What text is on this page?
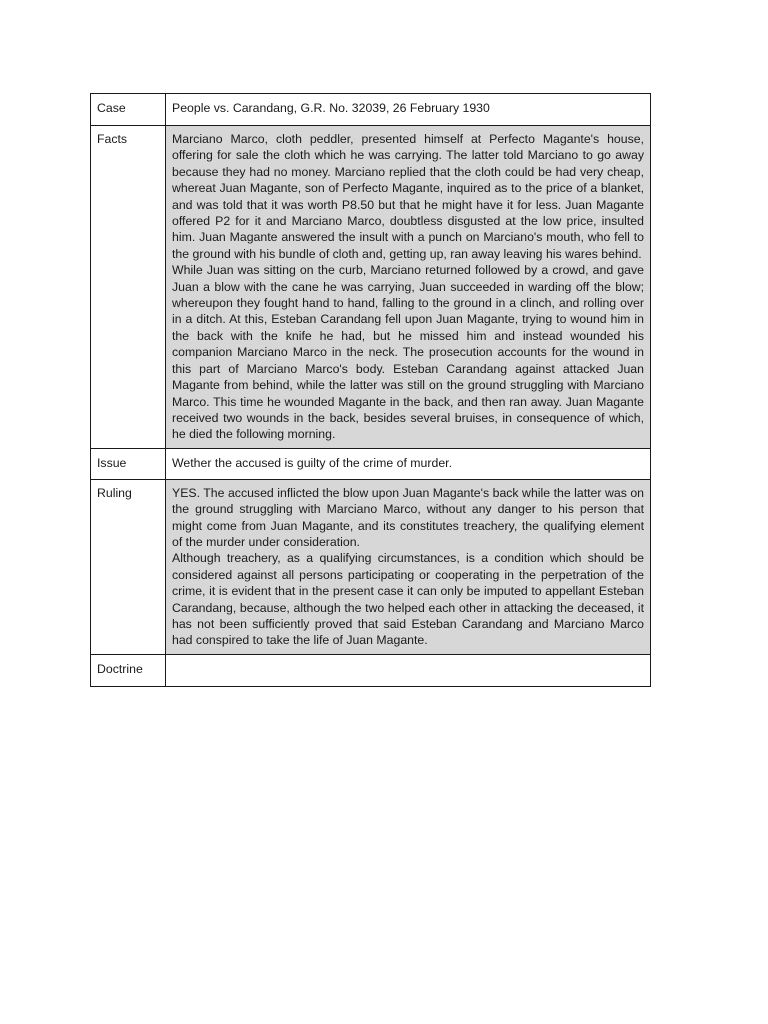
Case	People vs. Carandang, G.R. No. 32039, 26 February 1930
Facts	Marciano Marco, cloth peddler, presented himself at Perfecto Magante's house, offering for sale the cloth which he was carrying. The latter told Marciano to go away because they had no money. Marciano replied that the cloth could be had very cheap, whereat Juan Magante, son of Perfecto Magante, inquired as to the price of a blanket, and was told that it was worth P8.50 but that he might have it for less. Juan Magante offered P2 for it and Marciano Marco, doubtless disgusted at the low price, insulted him. Juan Magante answered the insult with a punch on Marciano's mouth, who fell to the ground with his bundle of cloth and, getting up, ran away leaving his wares behind.
While Juan was sitting on the curb, Marciano returned followed by a crowd, and gave Juan a blow with the cane he was carrying, Juan succeeded in warding off the blow; whereupon they fought hand to hand, falling to the ground in a clinch, and rolling over in a ditch. At this, Esteban Carandang fell upon Juan Magante, trying to wound him in the back with the knife he had, but he missed him and instead wounded his companion Marciano Marco in the neck. The prosecution accounts for the wound in this part of Marciano Marco's body. Esteban Carandang against attacked Juan Magante from behind, while the latter was still on the ground struggling with Marciano Marco. This time he wounded Magante in the back, and then ran away. Juan Magante received two wounds in the back, besides several bruises, in consequence of which, he died the following morning.

Issue	Wether the accused is guilty of the crime of murder.
Ruling	YES. The accused inflicted the blow upon Juan Magante's back while the latter was on the ground struggling with Marciano Marco, without any danger to his person that might come from Juan Magante, and its constitutes treachery, the qualifying element of the murder under consideration.
Although treachery, as a qualifying circumstances, is a condition which should be considered against all persons participating or cooperating in the perpetration of the crime, it is evident that in the present case it can only be imputed to appellant Esteban Carandang, because, although the two helped each other in attacking the deceased, it has not been sufficiently proved that said Esteban Carandang and Marciano Marco had conspired to take the life of Juan Magante.

Doctrine	
